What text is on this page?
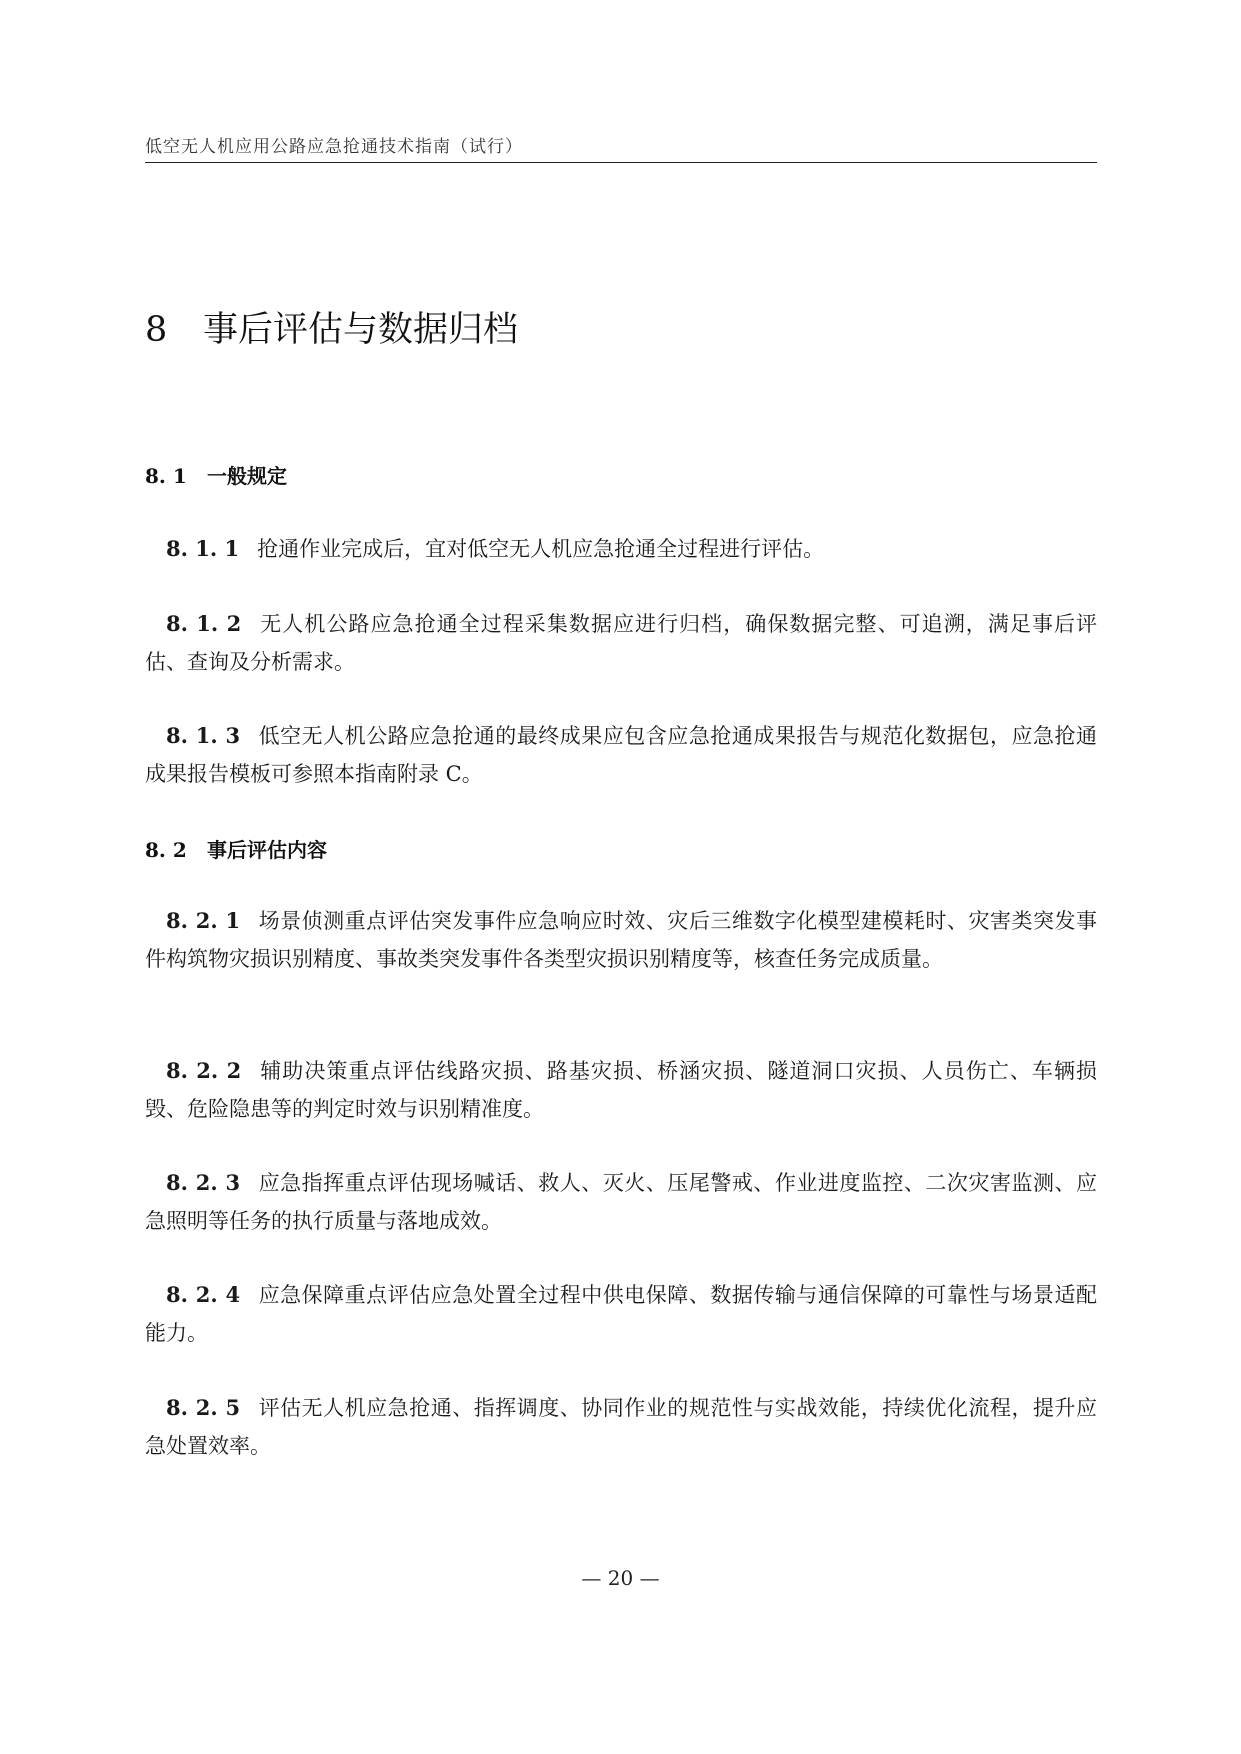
低空无人机应用公路应急抢通技术指南（试行）
8 事后评估与数据归档
8. 1 一般规定

8. 1. 1 抢通作业完成后，宜对低空无人机应急抢通全过程进行评估。

8. 1. 2 无人机公路应急抢通全过程采集数据应进行归档，确保数据完整、可追溯，满足事后评估、查询及分析需求。

8. 1. 3 低空无人机公路应急抢通的最终成果应包含应急抢通成果报告与规范化数据包，应急抢通成果报告模板可参照本指南附录 C。

8. 2 事后评估内容

8. 2. 1 场景侦测重点评估突发事件应急响应时效、灾后三维数字化模型建模耗时、灾害类突发事件构筑物灾损识别精度、事故类突发事件各类型灾损识别精度等，核查任务完成质量。

8. 2. 2 辅助决策重点评估线路灾损、路基灾损、桥涵灾损、隧道洞口灾损、人员伤亡、车辆损毁、危险隐患等的判定时效与识别精准度。

8. 2. 3 应急指挥重点评估现场喊话、救人、灭火、压尾警戒、作业进度监控、二次灾害监测、应急照明等任务的执行质量与落地成效。

8. 2. 4 应急保障重点评估应急处置全过程中供电保障、数据传输与通信保障的可靠性与场景适配能力。

8. 2. 5 评估无人机应急抢通、指挥调度、协同作业的规范性与实战效能，持续优化流程，提升应急处置效率。

— 20 —
